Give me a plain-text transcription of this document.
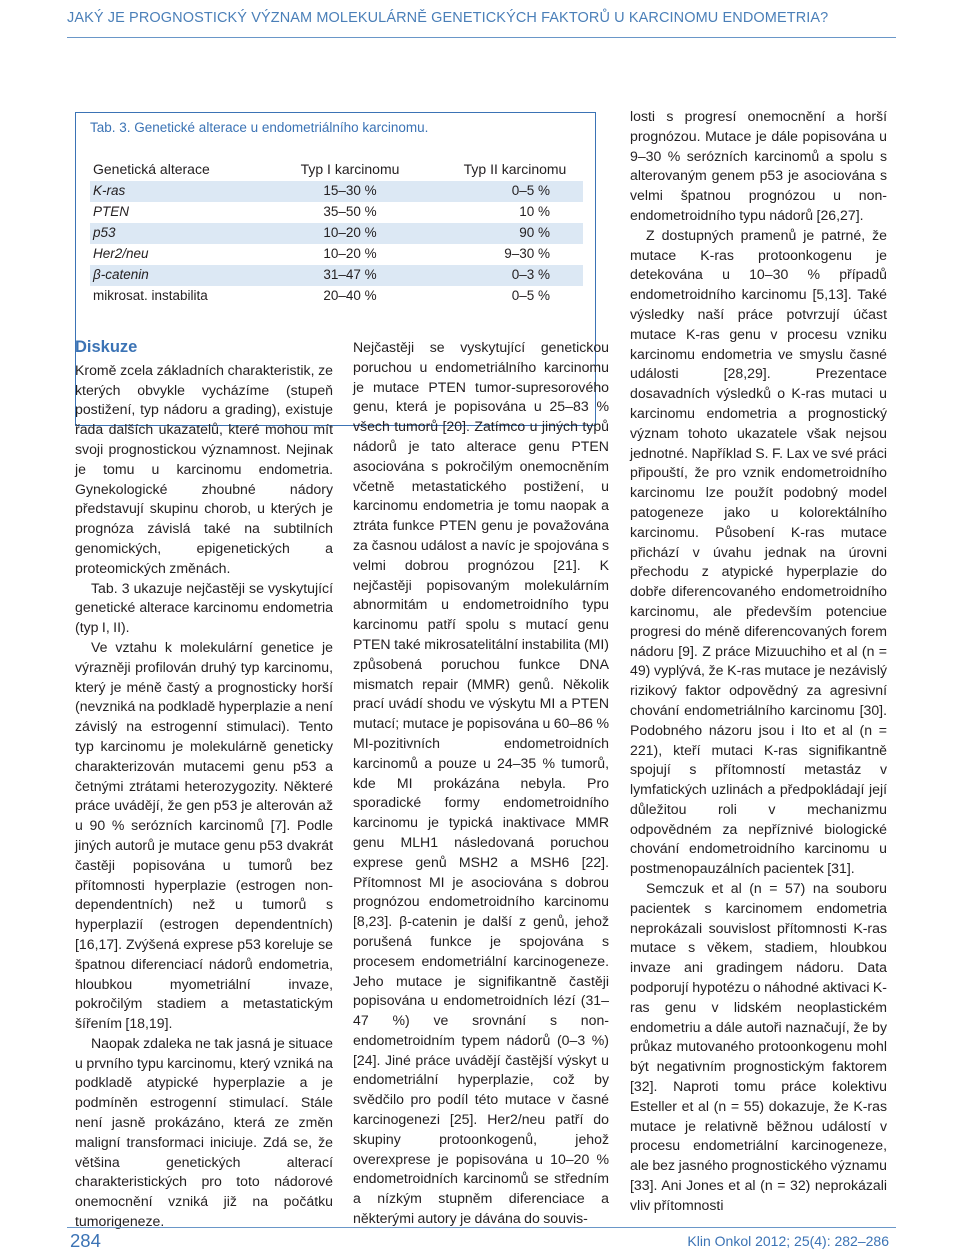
JAKÝ JE PROGNOSTICKÝ VÝZNAM MOLEKULÁRNĚ GENETICKÝCH FAKTORŮ U KARCINOMU ENDOMETRIA?
Tab. 3. Genetické alterace u endometriálního karcinomu.
Genetická alterace	Typ I karcinomu	Typ II karcinomu
K-ras	15–30 %	0–5 %
PTEN	35–50 %	10 %
p53	10–20 %	90 %
Her2/neu	10–20 %	9–30 %
β-catenin	31–47 %	0–3 %
mikrosat. instabilita	20–40 %	0–5 %
Diskuze

Kromě zcela základních charakteristik, ze kterých obvykle vycházíme (stupeň postižení, typ nádoru a grading), existuje řada dalších ukazatelů, které mohou mít svoji prognostickou významnost. Nejinak je tomu u karcinomu endometria. Gynekologické zhoubné nádory představují skupinu chorob, u kterých je prognóza závislá také na subtilních genomických, epigenetických a proteomických změnách.

Tab. 3 ukazuje nejčastěji se vyskytující genetické alterace karcinomu endometria (typ I, II).

Ve vztahu k molekulární genetice je výrazněji profilován druhý typ karcinomu, který je méně častý a prognosticky horší (nevzniká na podkladě hyperplazie a není závislý na estrogenní stimulaci). Tento typ karcinomu je molekulárně geneticky charakterizován mutacemi genu p53 a četnými ztrátami heterozygozity. Některé práce uvádějí, že gen p53 je alterován až u 90 % serózních karcinomů [7]. Podle jiných autorů je mutace genu p53 dvakrát častěji popisována u tumorů bez přítomnosti hyperplazie (estrogen non-dependentních) než u tumorů s hyperplazií (estrogen dependentních) [16,17]. Zvýšená exprese p53 koreluje se špatnou diferenciací nádorů endometria, hloubkou myometriální invaze, pokročilým stadiem a metastatickým šířením [18,19].

Naopak zdaleka ne tak jasná je situace u prvního typu karcinomu, který vzniká na podkladě atypické hyperplazie a je podmíněn estrogenní stimulací. Stále není jasně prokázáno, která ze změn maligní transformaci iniciuje. Zdá se, že většina genetických alterací charakteristických pro toto nádorové onemocnění vzniká již na počátku tumorigeneze.

Nejčastěji se vyskytující genetickou poruchou u endometriálního karcinomu je mutace PTEN tumor-supresorového genu, která je popisována u 25–83 % všech tumorů [20]. Zatímco u jiných typů nádorů je tato alterace genu PTEN asociována s pokročilým onemocněním včetně metastatického postižení, u karcinomu endometria je tomu naopak a ztráta funkce PTEN genu je považována za časnou událost a navíc je spojována s velmi dobrou prognózou [21]. K nejčastěji popisovaným molekulárním abnormitám u endometroidního typu karcinomu patří spolu s mutací genu PTEN také mikrosatelitální instabilita (MI) způsobená poruchou funkce DNA mismatch repair (MMR) genů. Několik prací uvádí shodu ve výskytu MI a PTEN mutací; mutace je popisována u 60–86 % MI-pozitivních endometroidních karcinomů a pouze u 24–35 % tumorů, kde MI prokázána nebyla. Pro sporadické formy endometroidního karcinomu je typická inaktivace MMR genu MLH1 následovaná poruchou exprese genů MSH2 a MSH6 [22]. Přítomnost MI je asociována s dobrou prognózou endometroidního karcinomu [8,23]. β-catenin je další z genů, jehož porušená funkce je spojována s procesem endometriální karcinogeneze. Jeho mutace je signifikantně častěji popisována u endometroidních lézí (31–47 %) ve srovnání s non-endometroidním typem nádorů (0–3 %) [24]. Jiné práce uvádějí častější výskyt u endometriální hyperplazie, což by svědčilo pro podíl této mutace v časné karcinogenezi [25]. Her2/neu patří do skupiny protoonkogenů, jehož overexprese je popisována u 10–20 % endometroidních karcinomů se středním a nízkým stupněm diferenciace a některými autory je dávána do souvis-

losti s progresí onemocnění a horší prognózou. Mutace je dále popisována u 9–30 % serózních karcinomů a spolu s alterovaným genem p53 je asociována s velmi špatnou prognózou u non-endometroidního typu nádorů [26,27].

Z dostupných pramenů je patrné, že mutace K-ras protoonkogenu je detekována u 10–30 % případů endometroidního karcinomu [5,13]. Také výsledky naší práce potvrzují účast mutace K-ras genu v procesu vzniku karcinomu endometria ve smyslu časné události [28,29]. Prezentace dosavadních výsledků o K-ras mutaci u karcinomu endometria a prognostický význam tohoto ukazatele však nejsou jednotné. Například S. F. Lax ve své práci připouští, že pro vznik endometroidního karcinomu lze použít podobný model patogeneze jako u kolorektálního karcinomu. Působení K-ras mutace přichází v úvahu jednak na úrovni přechodu z atypické hyperplazie do dobře diferencovaného endometroidního karcinomu, ale především potenciue progresi do méně diferencovaných forem nádoru [9]. Z práce Mizuuchiho et al (n = 49) vyplývá, že K-ras mutace je nezávislý rizikový faktor odpovědný za agresivní chování endometriálního karcinomu [30]. Podobného názoru jsou i Ito et al (n = 221), kteří mutaci K-ras signifikantně spojují s přítomností metastáz v lymfatických uzlinách a předpokládají její důležitou roli v mechanizmu odpovědném za nepříznivé biologické chování endometroidního karcinomu u postmenopauzálních pacientek [31].

Semczuk et al (n = 57) na souboru pacientek s karcinomem endometria neprokázali souvislost přítomnosti K-ras mutace s věkem, stadiem, hloubkou invaze ani gradingem nádoru. Data podporují hypotézu o náhodné aktivaci K-ras genu v lidském neoplastickém endometriu a dále autoři naznačují, že by průkaz mutovaného protoonkogenu mohl být negativním prognostickým faktorem [32]. Naproti tomu práce kolektivu Esteller et al (n = 55) dokazuje, že K-ras mutace je relativně běžnou událostí v procesu endometriální karcinogeneze, ale bez jasného prognostického významu [33]. Ani Jones et al (n = 32) neprokázali vliv přítomnosti

284	Klin Onkol 2012; 25(4): 282–286
